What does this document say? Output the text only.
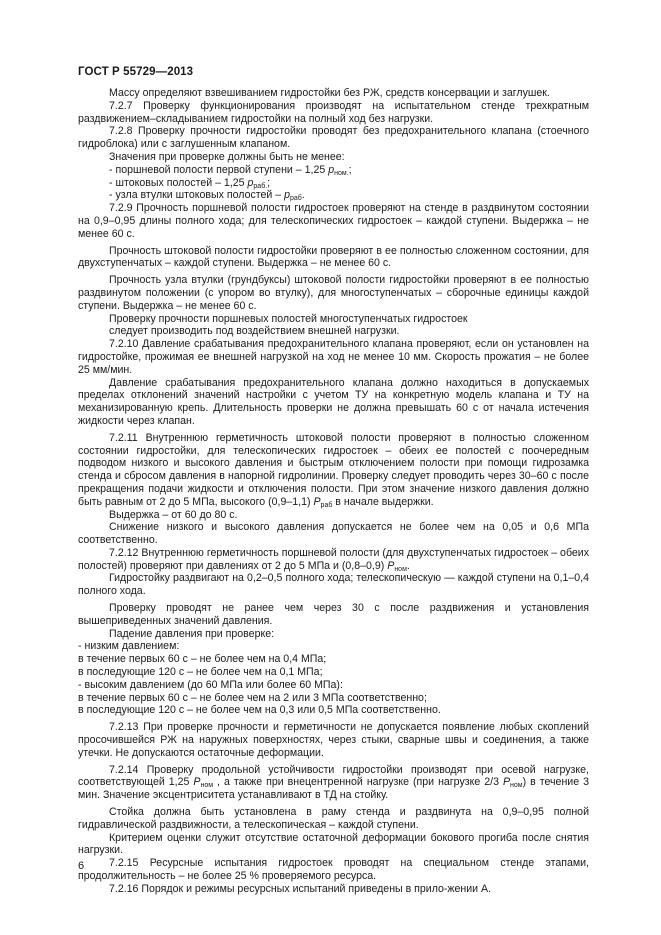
ГОСТ Р 55729—2013

Массу определяют взвешиванием гидростойки без РЖ, средств консервации и заглушек.

7.2.7 Проверку функционирования производят на испытательном стенде трехкратным раздвижением–складыванием гидростойки на полный ход без нагрузки.

7.2.8 Проверку прочности гидростойки проводят без предохранительного клапана (стоечного гидроблока) или с заглушенным клапаном.

Значения при проверке должны быть не менее:

- поршневой полости первой ступени – 1,25 $p_{ном.}$;

- штоковых полостей – 1,25 $p_{раб.}$;

- узла втулки штоковых полостей – $p_{раб}$.

7.2.9 Прочность поршневой полости гидростоек проверяют на стенде в раздвинутом состоянии на 0,9–0,95 длины полного хода; для телескопических гидростоек – каждой ступени. Выдержка – не менее 60 с.

Прочность штоковой полости гидростойки проверяют в ее полностью сложенном состоянии, для двухступенчатых – каждой ступени. Выдержка – не менее 60 с.

Прочность узла втулки (грундбуксы) штоковой полости гидростойки проверяют в ее полностью раздвинутом положении (с упором во втулку), для многоступенчатых – сборочные единицы каждой ступени. Выдержка – не менее 60 с.

Проверку прочности поршневых полостей многоступенчатых гидростоек

следует производить под воздействием внешней нагрузки.

7.2.10 Давление срабатывания предохранительного клапана проверяют, если он установлен на гидростойке, прожимая ее внешней нагрузкой на ход не менее 10 мм. Скорость прожатия – не более 25 мм/мин.

Давление срабатывания предохранительного клапана должно находиться в допускаемых пределах отклонений значений настройки с учетом ТУ на конкретную модель клапана и ТУ на механизированную крепь. Длительность проверки не должна превышать 60 с от начала истечения жидкости через клапан.

7.2.11 Внутреннюю герметичность штоковой полости проверяют в полностью сложенном состоянии гидростойки, для телескопических гидростоек – обеих ее полостей с поочередным подводом низкого и высокого давления и быстрым отключением полости при помощи гидрозамка стенда и сбросом давления в напорной гидролинии. Проверку следует проводить через 30–60 с после прекращения подачи жидкости и отключения полости. При этом значение низкого давления должно быть равным от 2 до 5 МПа, высокого (0,9–1,1) $P_{раб}$ в начале выдержки.

Выдержка – от 60 до 80 с.

Снижение низкого и высокого давления допускается не более чем на 0,05 и 0,6 МПа соответственно.

7.2.12 Внутреннюю герметичность поршневой полости (для двухступенчатых гидростоек – обеих полостей) проверяют при давлениях от 2 до 5 МПа и (0,8–0,9) $P_{ном}$.

Гидростойку раздвигают на 0,2–0,5 полного хода; телескопическую — каждой ступени на 0,1–0,4 полного хода.

Проверку проводят не ранее чем через 30 с после раздвижения и установления вышеприведенных значений давления.

Падение давления при проверке:

- низким давлением:

в течение первых 60 с – не более чем на 0,4 МПа;

в последующие 120 с – не более чем на 0,1 МПа;

- высоким давлением (до 60 МПа или более 60 МПа):

в течение первых 60 с – не более чем на 2 или 3 МПа соответственно;

в последующие 120 с – не более чем на 0,3 или 0,5 МПа соответственно.

7.2.13 При проверке прочности и герметичности не допускается появление любых скоплений просочившейся РЖ на наружных поверхностях, через стыки, сварные швы и соединения, а также утечки. Не допускаются остаточные деформации.

7.2.14 Проверку продольной устойчивости гидростойки производят при осевой нагрузке, соответствующей 1,25 $P_{ном}$ , а также при внецентренной нагрузке (при нагрузке 2/3 $P_{ном}$) в течение 3 мин. Значение эксцентриситета устанавливают в ТД на стойку.

Стойка должна быть установлена в раму стенда и раздвинута на 0,9–0,95 полной гидравлической раздвижности, а телескопическая – каждой ступени.

Критерием оценки служит отсутствие остаточной деформации бокового прогиба после снятия нагрузки.

7.2.15 Ресурсные испытания гидростоек проводят на специальном стенде этапами, продолжительность – не более 25 % проверяемого ресурса.

7.2.16 Порядок и режимы ресурсных испытаний приведены в прило-жении А.

6
